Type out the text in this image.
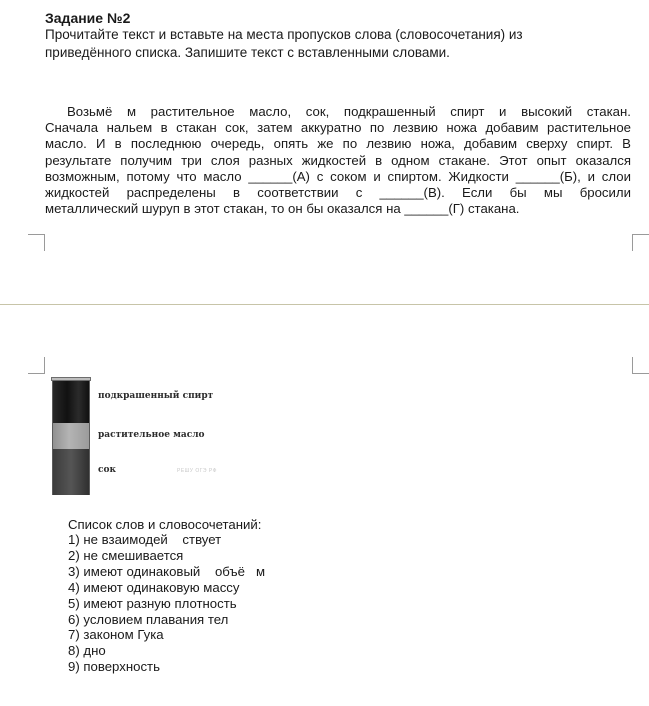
Задание №2
Прочитайте текст и вставьте на места пропусков слова (словосочетания) из
приведённого списка. Запишите текст с вставленными словами.
Возьмё м растительное масло, сок, подкрашенный спирт и высокий стакан.
Сначала нальем в стакан сок, затем аккуратно по лезвию ножа добавим растительное
масло. И в последнюю очередь, опять же по лезвию ножа, добавим сверху спирт. В
результате получим три слоя разных жидкостей в одном стакане. Этот опыт оказался
возможным, потому что масло ______(А) с соком и спиртом. Жидкости ______(Б), и слои
жидкостей распределены в соответствии с ______(В). Если бы мы бросили
металлический шуруп в этот стакан, то он бы оказался на ______(Г) стакана.
подкрашенный спирт
растительное масло
сок	РЕШУ ОГЭ РФ
Список слов и словосочетаний:
1) не взаимодей    ствует
2) не смешивается
3) имеют одинаковый    объё   м
4) имеют одинаковую массу
5) имеют разную плотность
6) условием плавания тел
7) законом Гука
8) дно
9) поверхность
